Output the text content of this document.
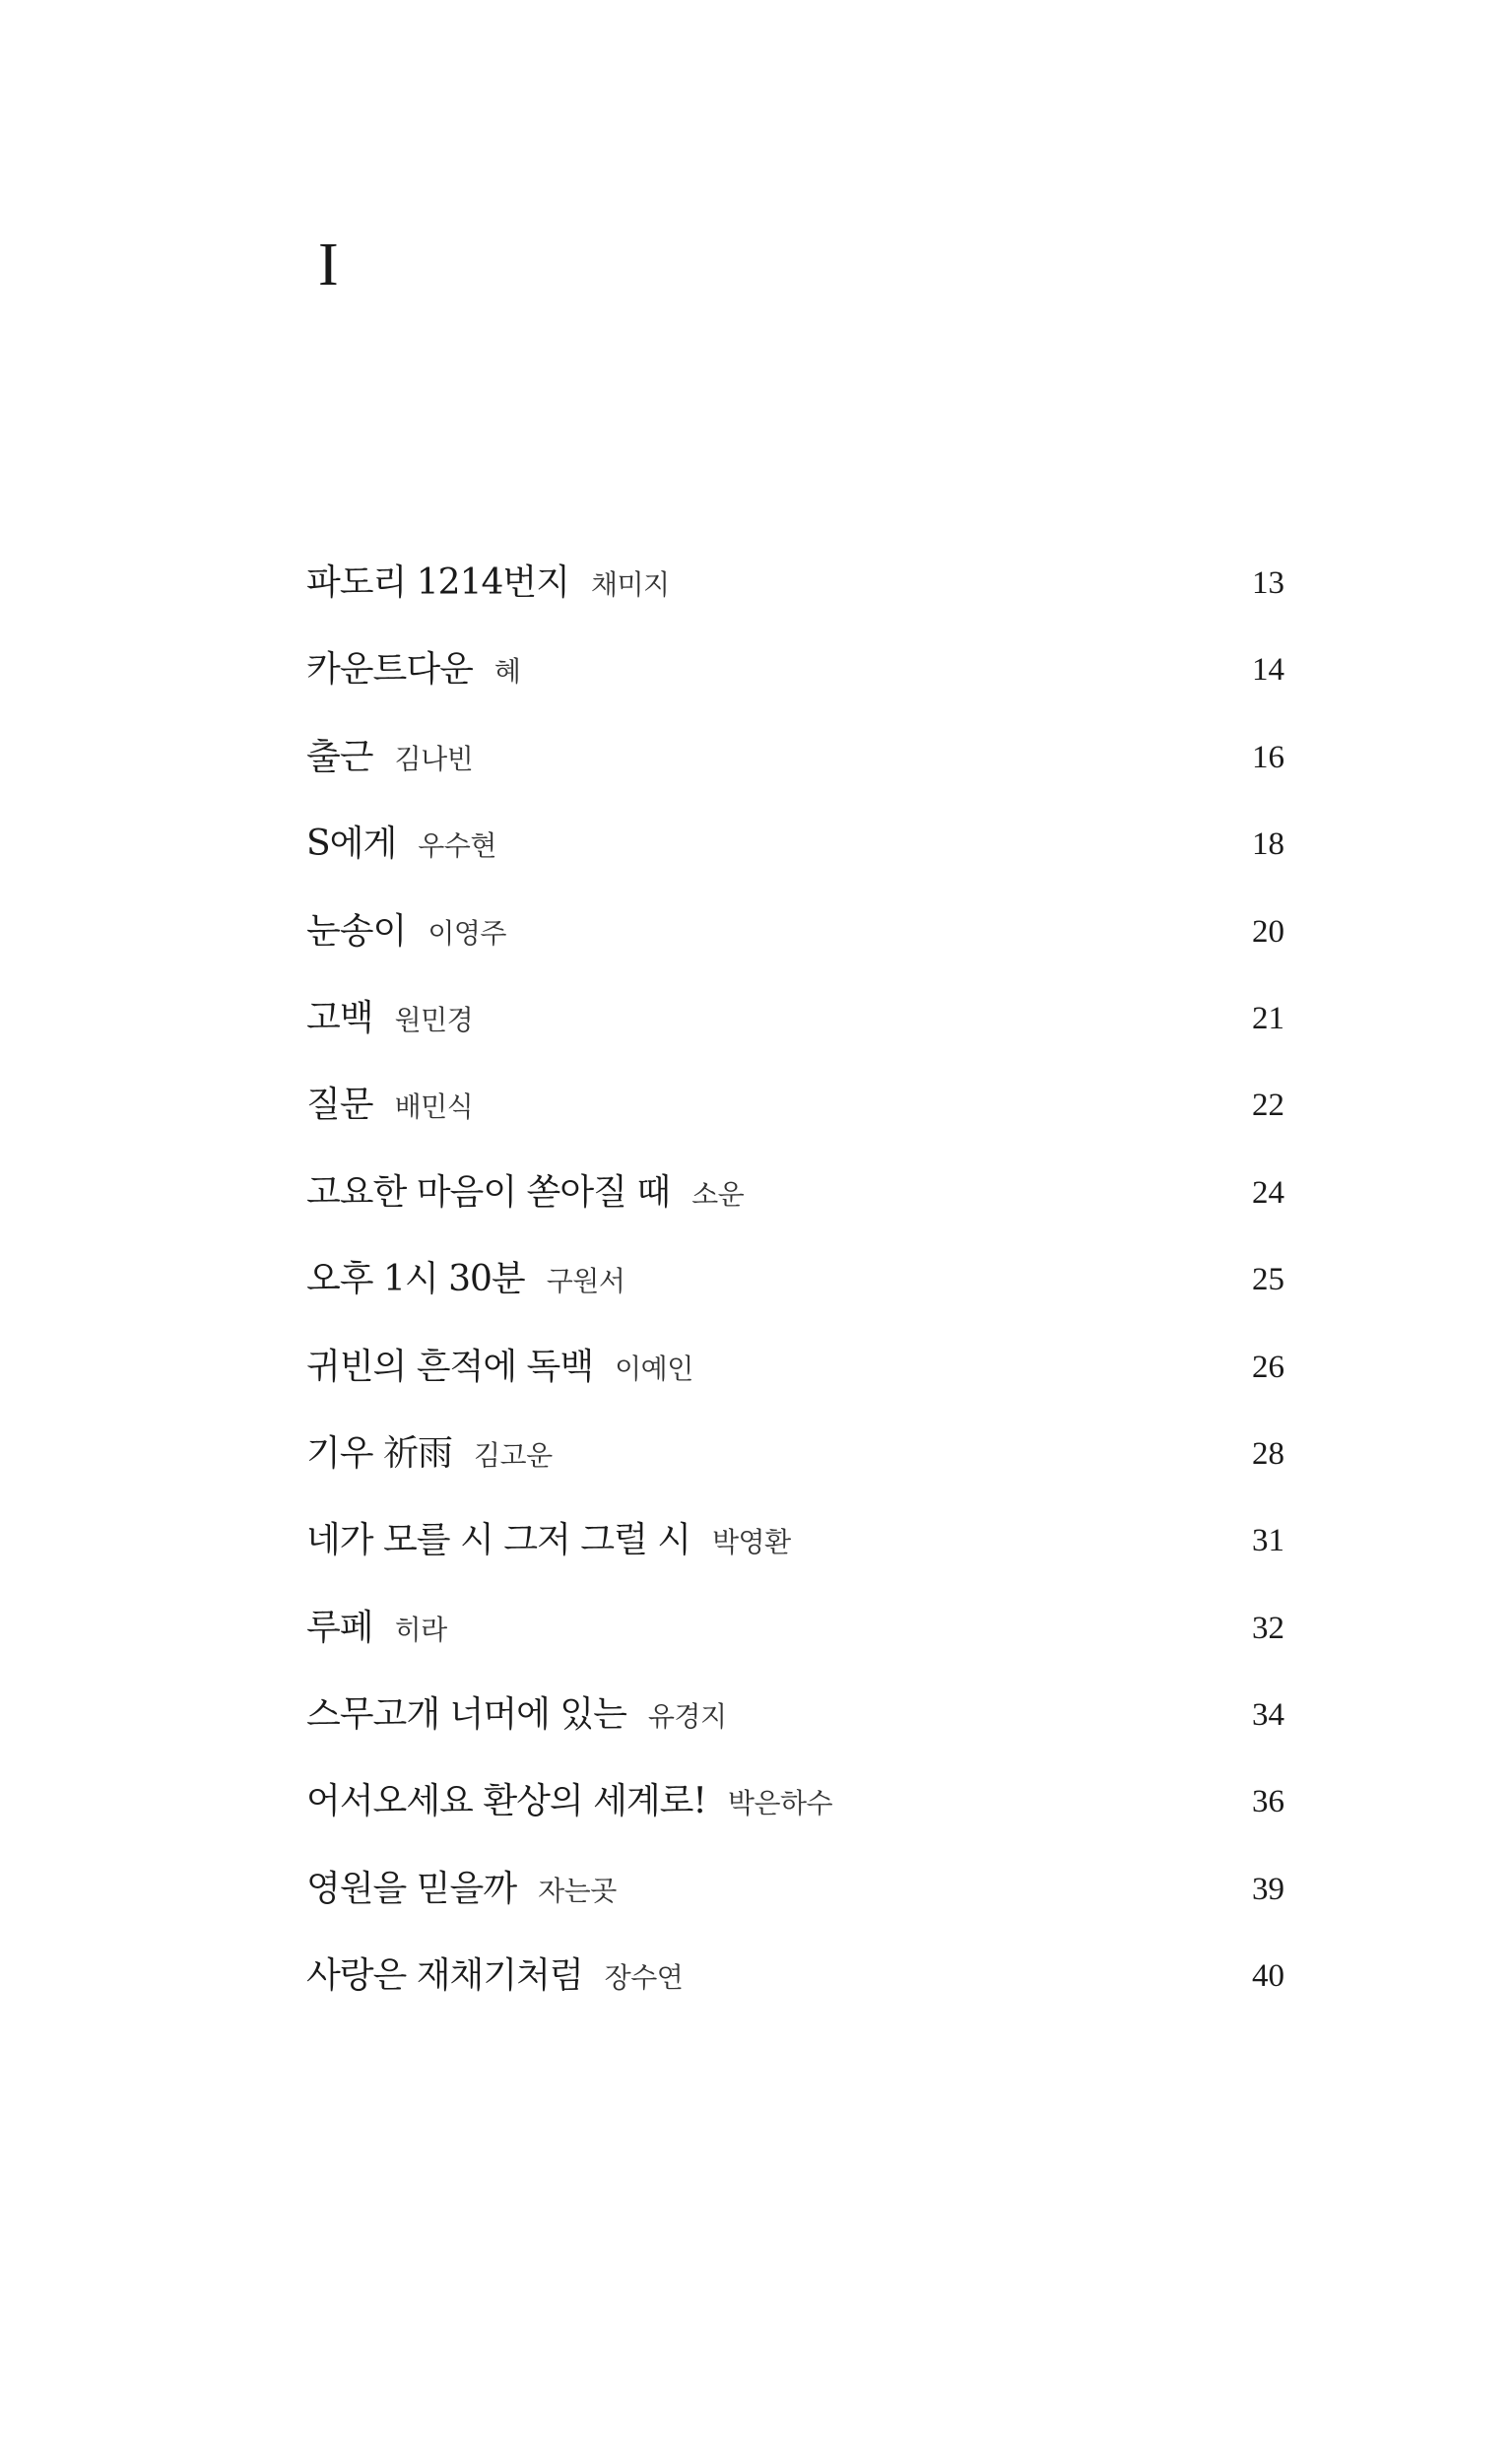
I
파도리 1214번지 채미지	13
카운트다운 혜	14
출근 김나빈	16
S에게 우수현	18
눈송이 이영주	20
고백 원민경	21
질문 배민식	22
고요한 마음이 쏟아질 때 소운	24
오후 1시 30분 구원서	25
귀빈의 흔적에 독백 이예인	26
기우 祈雨 김고운	28
네가 모를 시 그저 그럴 시 박영환	31
루페 히라	32
스무고개 너머에 있는 유경지	34
어서오세요 환상의 세계로! 박은하수	36
영원을 믿을까 자는곳	39
사랑은 재채기처럼 장수연	40
